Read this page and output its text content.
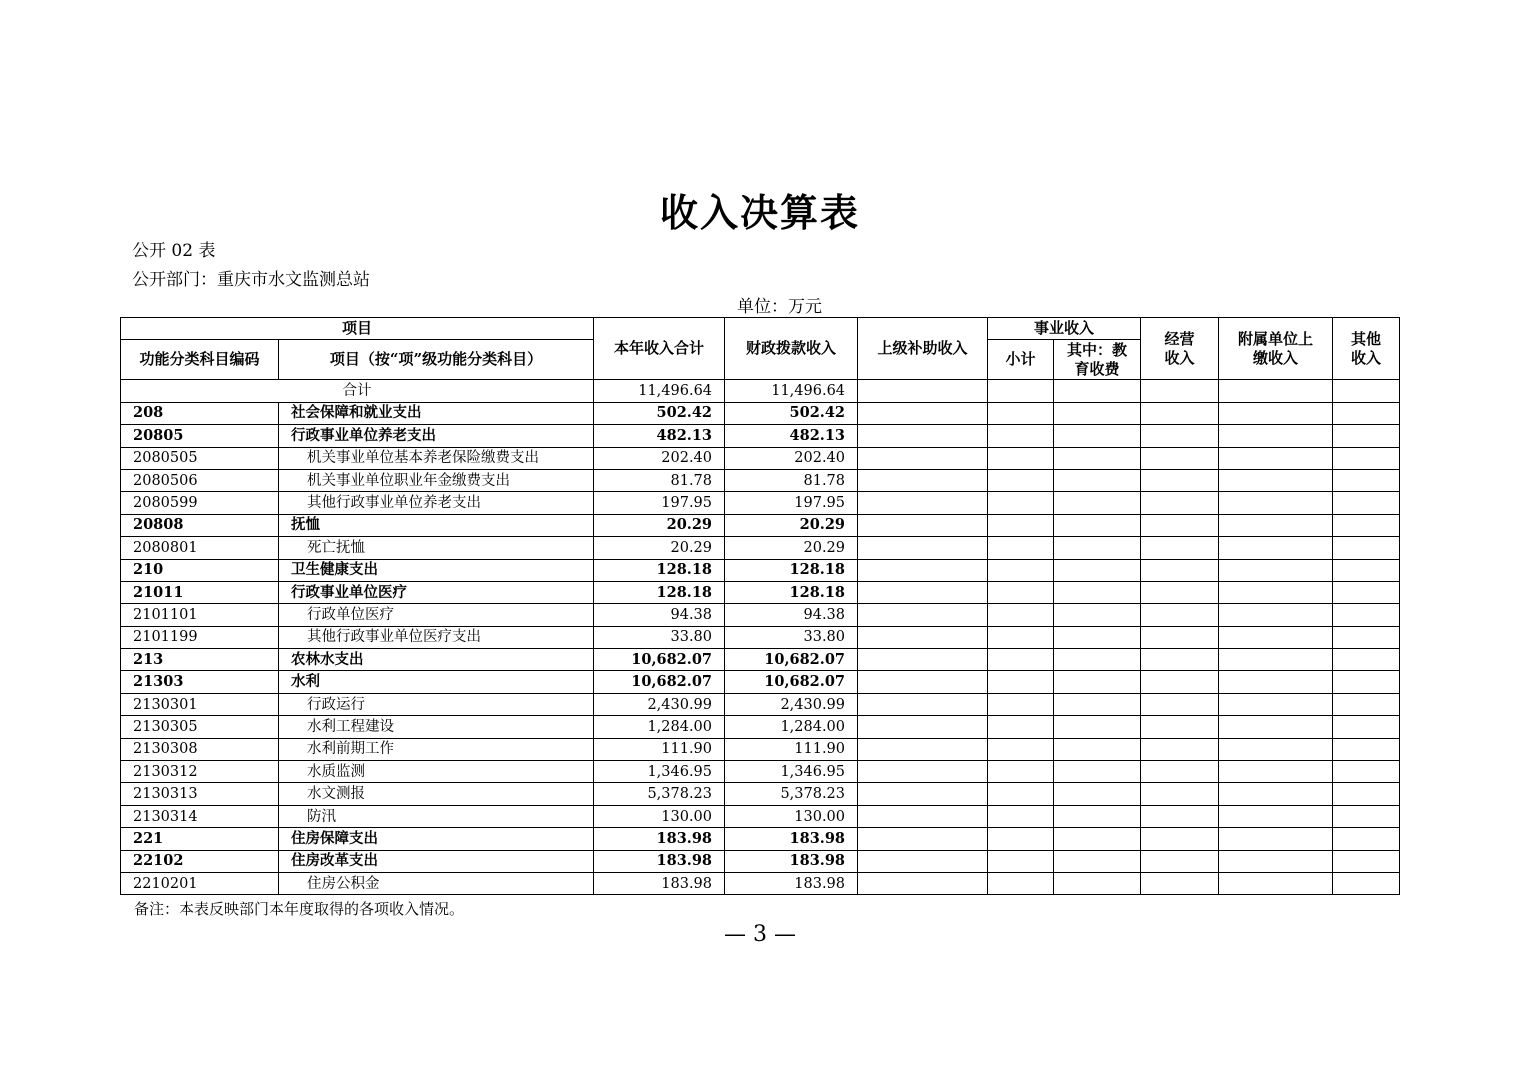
收入决算表
公开 02 表
公开部门：重庆市水文监测总站
单位：万元
项目		本年收入合计	财政拨款收入	上级补助收入	事业收入		经营收入	附属单位上缴收入	其他收入
功能分类科目编码	项目（按“项”级功能分类科目）				小计	其中：教育收费			
合计		11,496.64	11,496.64						
208	社会保障和就业支出	502.42	502.42						
20805	行政事业单位养老支出	482.13	482.13						
2080505	机关事业单位基本养老保险缴费支出	202.40	202.40						
2080506	机关事业单位职业年金缴费支出	81.78	81.78						
2080599	其他行政事业单位养老支出	197.95	197.95						
20808	抚恤	20.29	20.29						
2080801	死亡抚恤	20.29	20.29						
210	卫生健康支出	128.18	128.18						
21011	行政事业单位医疗	128.18	128.18						
2101101	行政单位医疗	94.38	94.38						
2101199	其他行政事业单位医疗支出	33.80	33.80						
213	农林水支出	10,682.07	10,682.07						
21303	水利	10,682.07	10,682.07						
2130301	行政运行	2,430.99	2,430.99						
2130305	水利工程建设	1,284.00	1,284.00						
2130308	水利前期工作	111.90	111.90						
2130312	水质监测	1,346.95	1,346.95						
2130313	水文测报	5,378.23	5,378.23						
2130314	防汛	130.00	130.00						
221	住房保障支出	183.98	183.98						
22102	住房改革支出	183.98	183.98						
2210201	住房公积金	183.98	183.98						
备注：本表反映部门本年度取得的各项收入情况。
— 3 —
